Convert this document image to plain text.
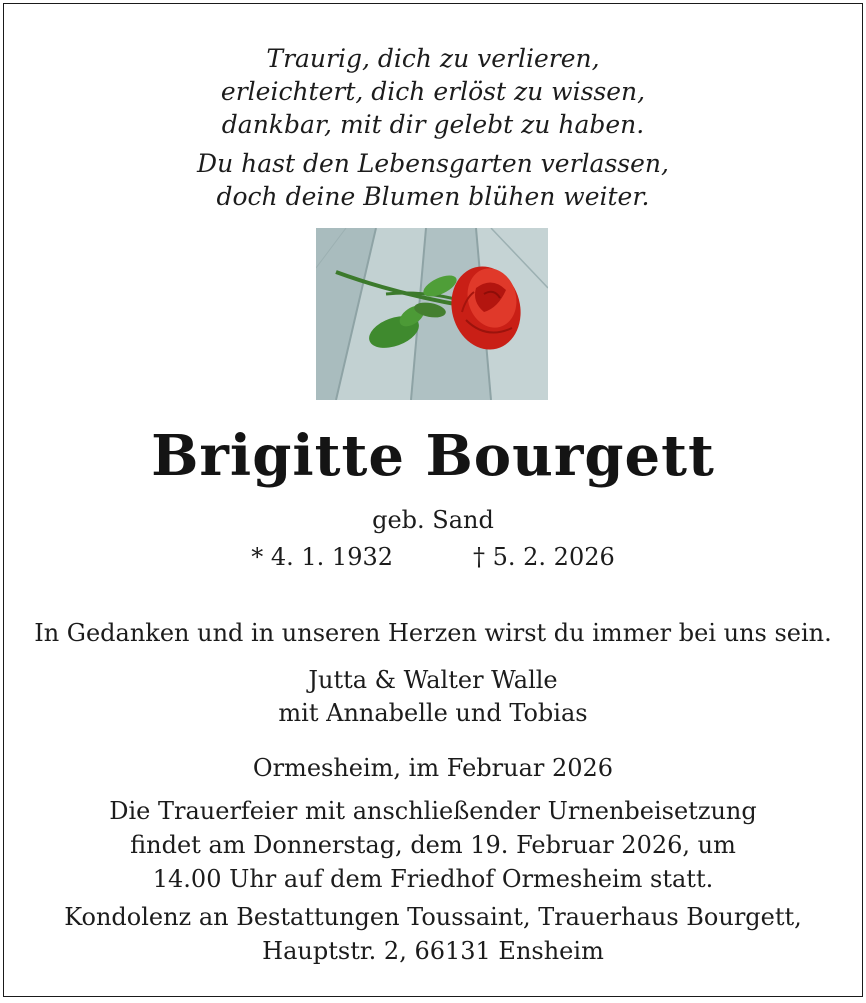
Traurig, dich zu verlieren,
erleichtert, dich erlöst zu wissen,
dankbar, mit dir gelebt zu haben.
Du hast den Lebensgarten verlassen,
doch deine Blumen blühen weiter.
Brigitte Bourgett
geb. Sand
* 4. 1. 1932	† 5. 2. 2026
In Gedanken und in unseren Herzen wirst du immer bei uns sein.
Jutta & Walter Walle
mit Annabelle und Tobias
Ormesheim, im Februar 2026
Die Trauerfeier mit anschließender Urnenbeisetzung
findet am Donnerstag, dem 19. Februar 2026, um
14.00 Uhr auf dem Friedhof Ormesheim statt.
Kondolenz an Bestattungen Toussaint, Trauerhaus Bourgett,
Hauptstr. 2, 66131 Ensheim
